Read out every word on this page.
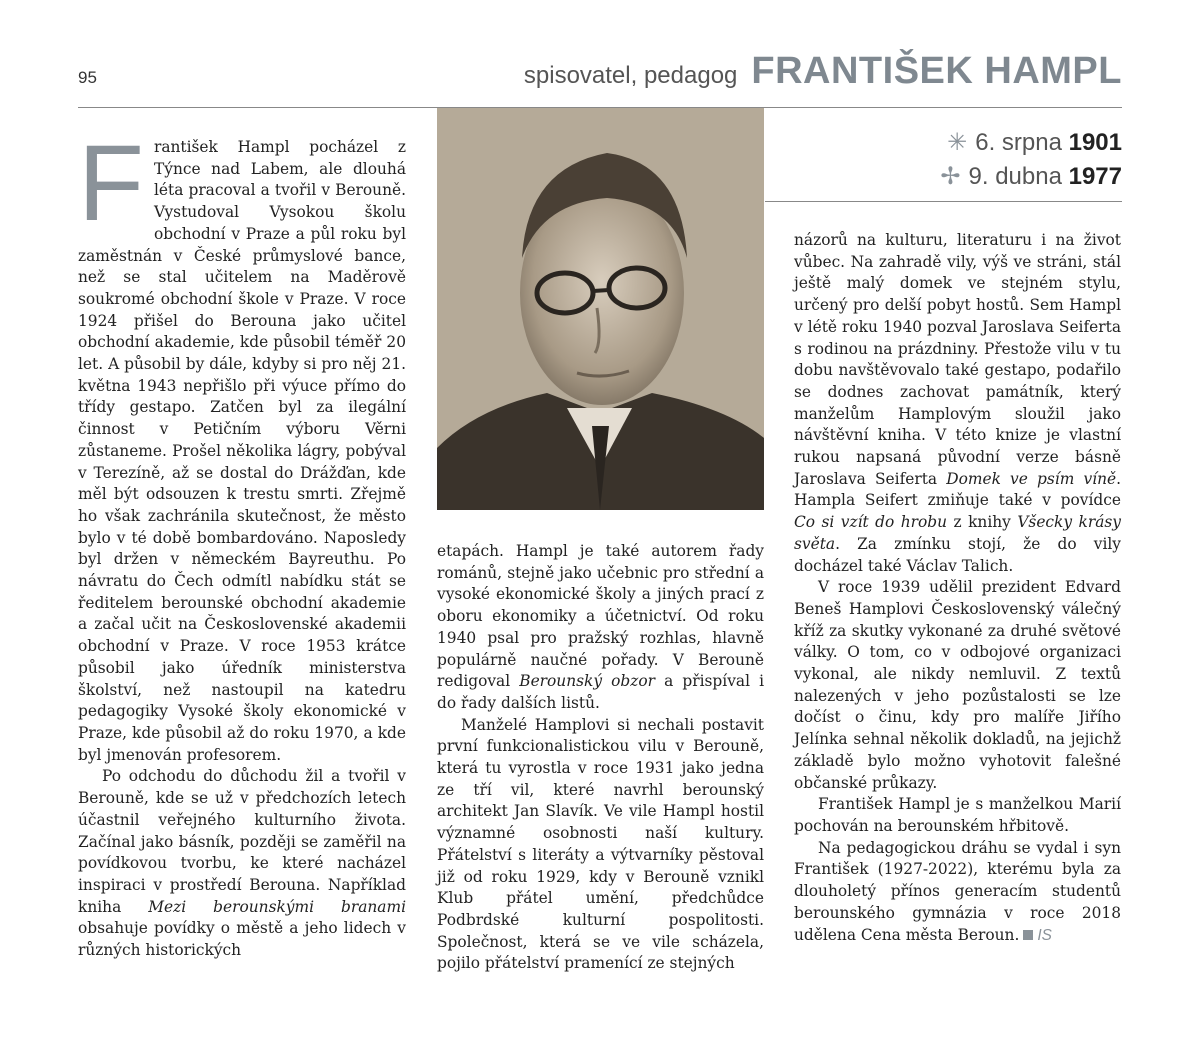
95	spisovatel, pedagog FRANTIŠEK HAMPL
✳ 6. srpna 1901
✢ 9. dubna 1977
F rantišek Hampl pocházel z Týnce nad Labem, ale dlouhá léta pracoval a tvořil v Berouně. Vystudoval Vysokou školu obchodní v Praze a půl roku byl zaměstnán v České průmyslové bance, než se stal učitelem na Maděrově soukromé obchodní škole v Praze. V roce 1924 přišel do Berouna jako učitel obchodní akademie, kde působil téměř 20 let. A působil by dále, kdyby si pro něj 21. května 1943 nepřišlo při výuce přímo do třídy gestapo. Zatčen byl za ilegální činnost v Petičním výboru Věrni zůstaneme. Prošel několika lágry, pobýval v Terezíně, až se dostal do Drážďan, kde měl být odsouzen k trestu smrti. Zřejmě ho však zachránila skutečnost, že město bylo v té době bombardováno. Naposledy byl držen v německém Bayreuthu. Po návratu do Čech odmítl nabídku stát se ředitelem berounské obchodní akademie a začal učit na Československé akademii obchodní v Praze. V roce 1953 krátce působil jako úředník ministerstva školství, než nastoupil na katedru pedagogiky Vysoké školy ekonomické v Praze, kde působil až do roku 1970, a kde byl jmenován profesorem.

Po odchodu do důchodu žil a tvořil v Berouně, kde se už v předchozích letech účastnil veřejného kulturního života. Začínal jako básník, později se zaměřil na povídkovou tvorbu, ke které nacházel inspiraci v prostředí Berouna. Například kniha Mezi berounskými branami obsahuje povídky o městě a jeho lidech v různých historických

etapách. Hampl je také autorem řady románů, stejně jako učebnic pro střední a vysoké ekonomické školy a jiných prací z oboru ekonomiky a účetnictví. Od roku 1940 psal pro pražský rozhlas, hlavně populárně naučné pořady. V Berouně redigoval Berounský obzor a přispíval i do řady dalších listů.

Manželé Hamplovi si nechali postavit první funkcionalistickou vilu v Berouně, která tu vyrostla v roce 1931 jako jedna ze tří vil, které navrhl berounský architekt Jan Slavík. Ve vile Hampl hostil významné osobnosti naší kultury. Přátelství s literáty a výtvarníky pěstoval již od roku 1929, kdy v Berouně vznikl Klub přátel umění, předchůdce Podbrdské kulturní pospolitosti. Společnost, která se ve vile scházela, pojilo přátelství pramenící ze stejných

názorů na kulturu, literaturu i na život vůbec. Na zahradě vily, výš ve stráni, stál ještě malý domek ve stejném stylu, určený pro delší pobyt hostů. Sem Hampl v létě roku 1940 pozval Jaroslava Seiferta s rodinou na prázdniny. Přestože vilu v tu dobu navštěvovalo také gestapo, podařilo se dodnes zachovat památník, který manželům Hamplovým sloužil jako návštěvní kniha. V této knize je vlastní rukou napsaná původní verze básně Jaroslava Seiferta Domek ve psím víně. Hampla Seifert zmiňuje také v povídce Co si vzít do hrobu z knihy Všecky krásy světa. Za zmínku stojí, že do vily docházel také Václav Talich.

V roce 1939 udělil prezident Edvard Beneš Hamplovi Československý válečný kříž za skutky vykonané za druhé světové války. O tom, co v odbojové organizaci vykonal, ale nikdy nemluvil. Z textů nalezených v jeho pozůstalosti se lze dočíst o činu, kdy pro malíře Jiřího Jelínka sehnal několik dokladů, na jejichž základě bylo možno vyhotovit falešné občanské průkazy.

František Hampl je s manželkou Marií pochován na berounském hřbitově.

Na pedagogickou dráhu se vydal i syn František (1927-2022), kterému byla za dlouholetý přínos generacím studentů berounského gymnázia v roce 2018 udělena Cena města Beroun. IS
